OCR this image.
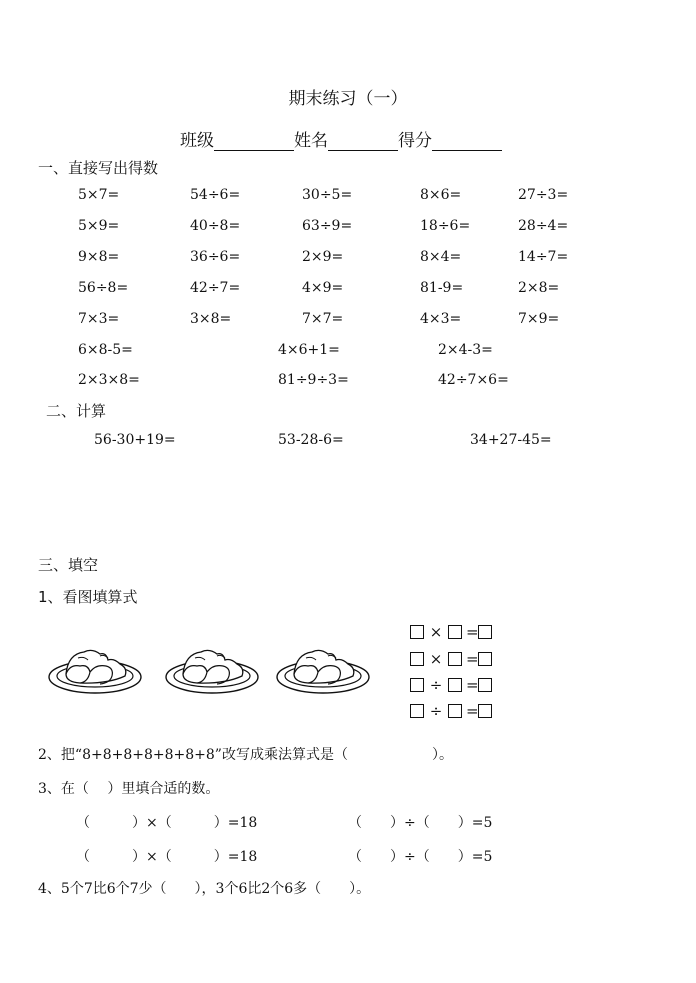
期末练习（一）
班级	姓名	得分
一、直接写出得数
5×7=	54÷6=	30÷5=	8×6=	27÷3=
5×9=	40÷8=	63÷9=	18÷6=	28÷4=
9×8=	36÷6=	2×9=	8×4=	14÷7=
56÷8=	42÷7=	4×9=	81-9=	2×8=
7×3=	3×8=	7×7=	4×3=	7×9=
6×8-5=	4×6+1=	2×4-3=
2×3×8=	81÷9÷3=	42÷7×6=
二、计算
56-30+19=	53-28-6=	34+27-45=
三、填空
1、看图填算式
× =
× =
÷ =
÷ =
2、把“8+8+8+8+8+8+8”改写成乘法算式是（　　　　　　）。
3、在（　 ）里填合适的数。
（　　　）×（　　　）=18	（　　）÷（　　）=5
（　　　）×（　　　）=18	（　　）÷（　　）=5
4、5个7比6个7少（　　），3个6比2个6多（　　）。
